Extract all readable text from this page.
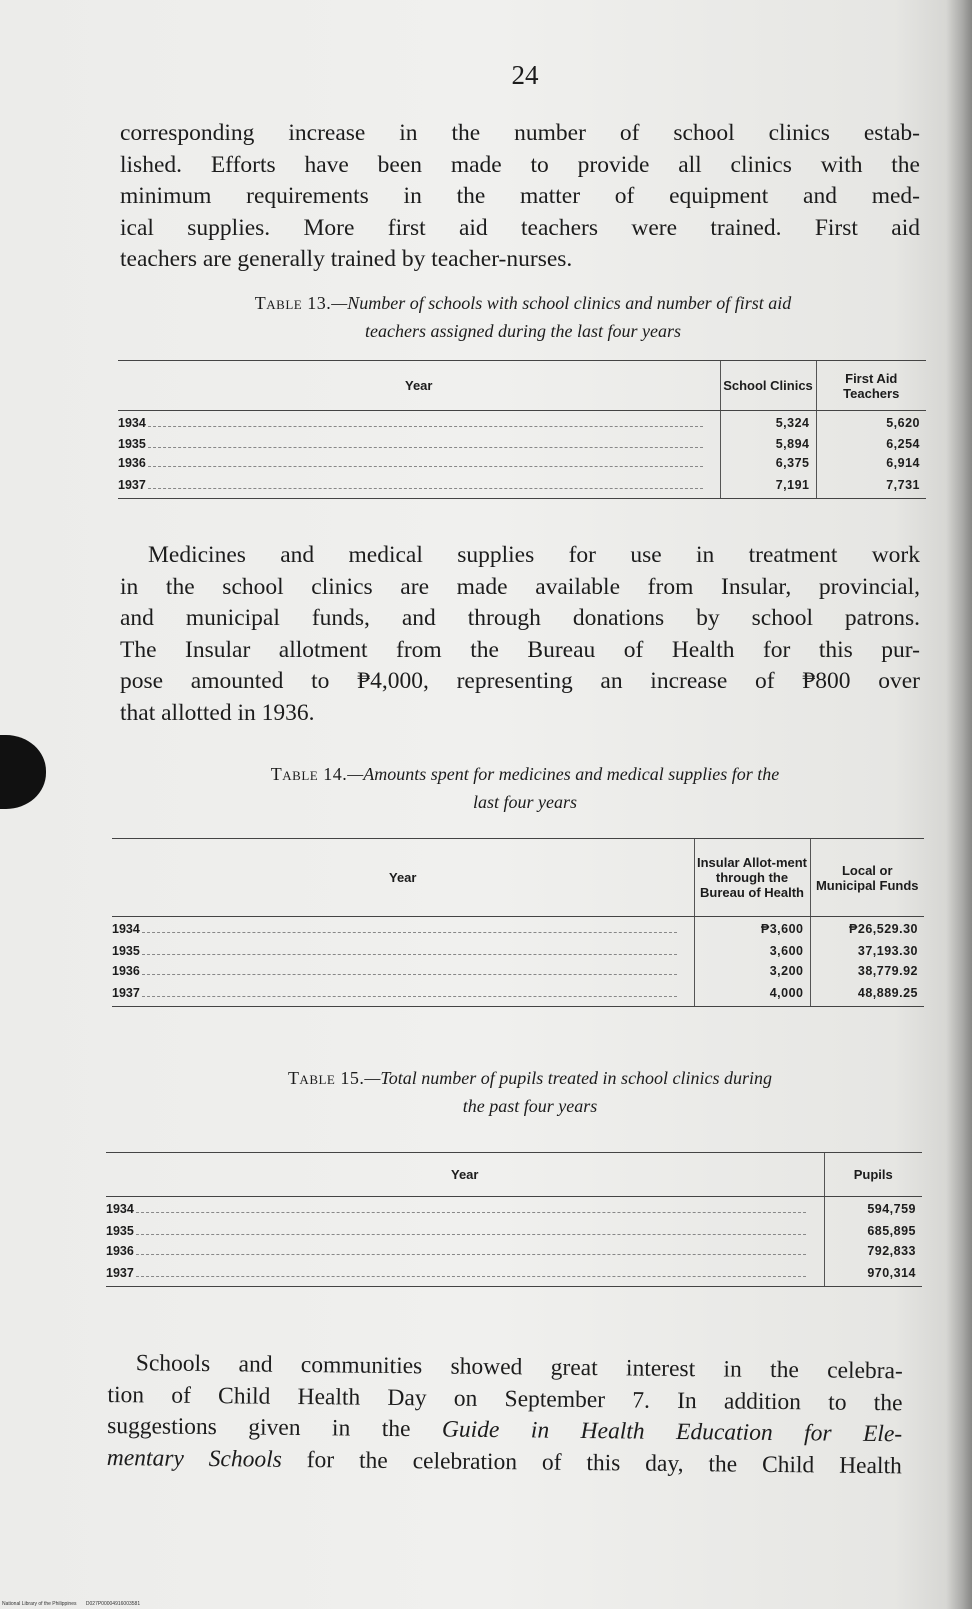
24

corresponding increase in the number of school clinics estab-
lished. Efforts have been made to provide all clinics with the
minimum requirements in the matter of equipment and med-
ical supplies. More first aid teachers were trained. First aid
teachers are generally trained by teacher-nurses.

Table 13.—Number of schools with school clinics and number of first aid
teachers assigned during the last four years

Year	School Clinics	First Aid Teachers
1934	5,324	5,620
1935	5,894	6,254
1936	6,375	6,914
1937	7,191	7,731

Medicines and medical supplies for use in treatment work
in the school clinics are made available from Insular, provincial,
and municipal funds, and through donations by school patrons.
The Insular allotment from the Bureau of Health for this pur-
pose amounted to ₱4,000, representing an increase of ₱800 over
that allotted in 1936.

Table 14.—Amounts spent for medicines and medical supplies for the
last four years

Year	Insular Allot-ment through the Bureau of Health	Local or Municipal Funds
1934	₱3,600	₱26,529.30
1935	3,600	37,193.30
1936	3,200	38,779.92
1937	4,000	48,889.25

Table 15.—Total number of pupils treated in school clinics during
the past four years

Year	Pupils
1934	594,759
1935	685,895
1936	792,833
1937	970,314

Schools and communities showed great interest in the celebra-
tion of Child Health Day on September 7. In addition to the
suggestions given in the Guide in Health Education for Ele-
mentary Schools for the celebration of this day, the Child Health

National Library of the Philippines D027P00004916003581
